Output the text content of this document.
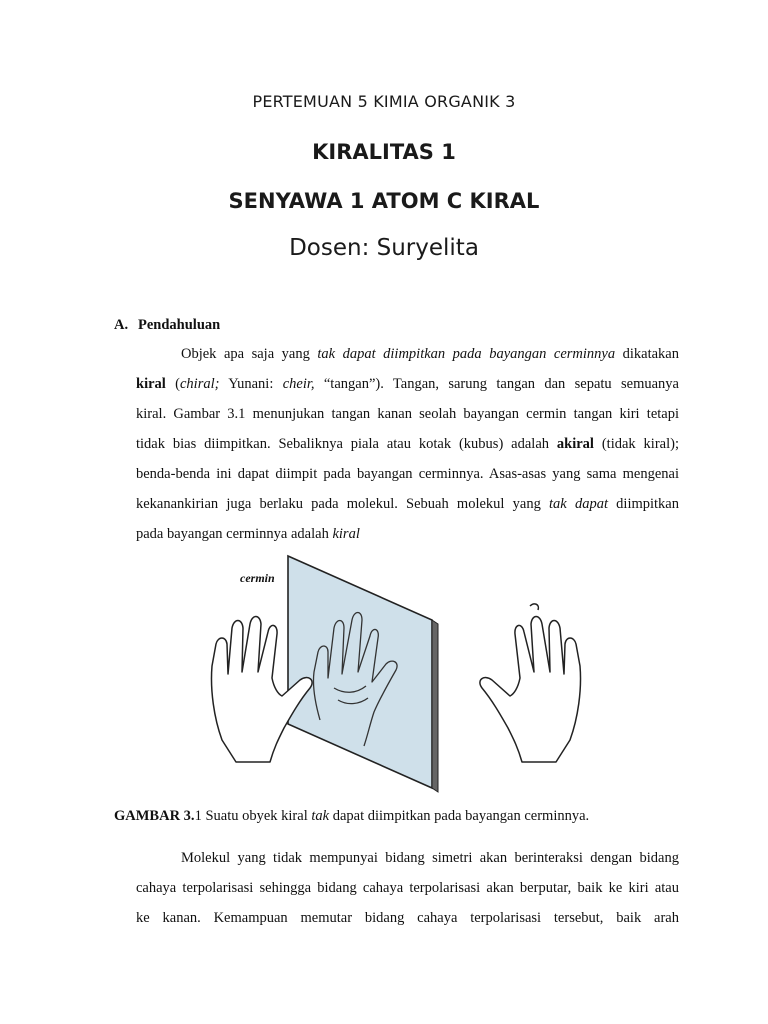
PERTEMUAN 5 KIMIA ORGANIK 3
KIRALITAS 1
SENYAWA 1 ATOM C KIRAL
Dosen: Suryelita
A. Pendahuluan
Objek apa saja yang tak dapat diimpitkan pada bayangan cerminnya dikatakan
kiral (chiral; Yunani: cheir, “tangan”). Tangan, sarung tangan dan sepatu semuanya
kiral. Gambar 3.1 menunjukan tangan kanan seolah bayangan cermin tangan kiri tetapi
tidak bias diimpitkan. Sebaliknya piala atau kotak (kubus) adalah akiral (tidak kiral);
benda-benda ini dapat diimpit pada bayangan cerminnya. Asas-asas yang sama mengenai
kekanankirian juga berlaku pada molekul. Sebuah molekul yang tak dapat diimpitkan
pada bayangan cerminnya adalah kiral
cermin
GAMBAR 3.1 Suatu obyek kiral tak dapat diimpitkan pada bayangan cerminnya.
Molekul yang tidak mempunyai bidang simetri akan berinteraksi dengan bidang
cahaya terpolarisasi sehingga bidang cahaya terpolarisasi akan berputar, baik ke kiri atau
ke kanan. Kemampuan memutar bidang cahaya terpolarisasi tersebut, baik arah
